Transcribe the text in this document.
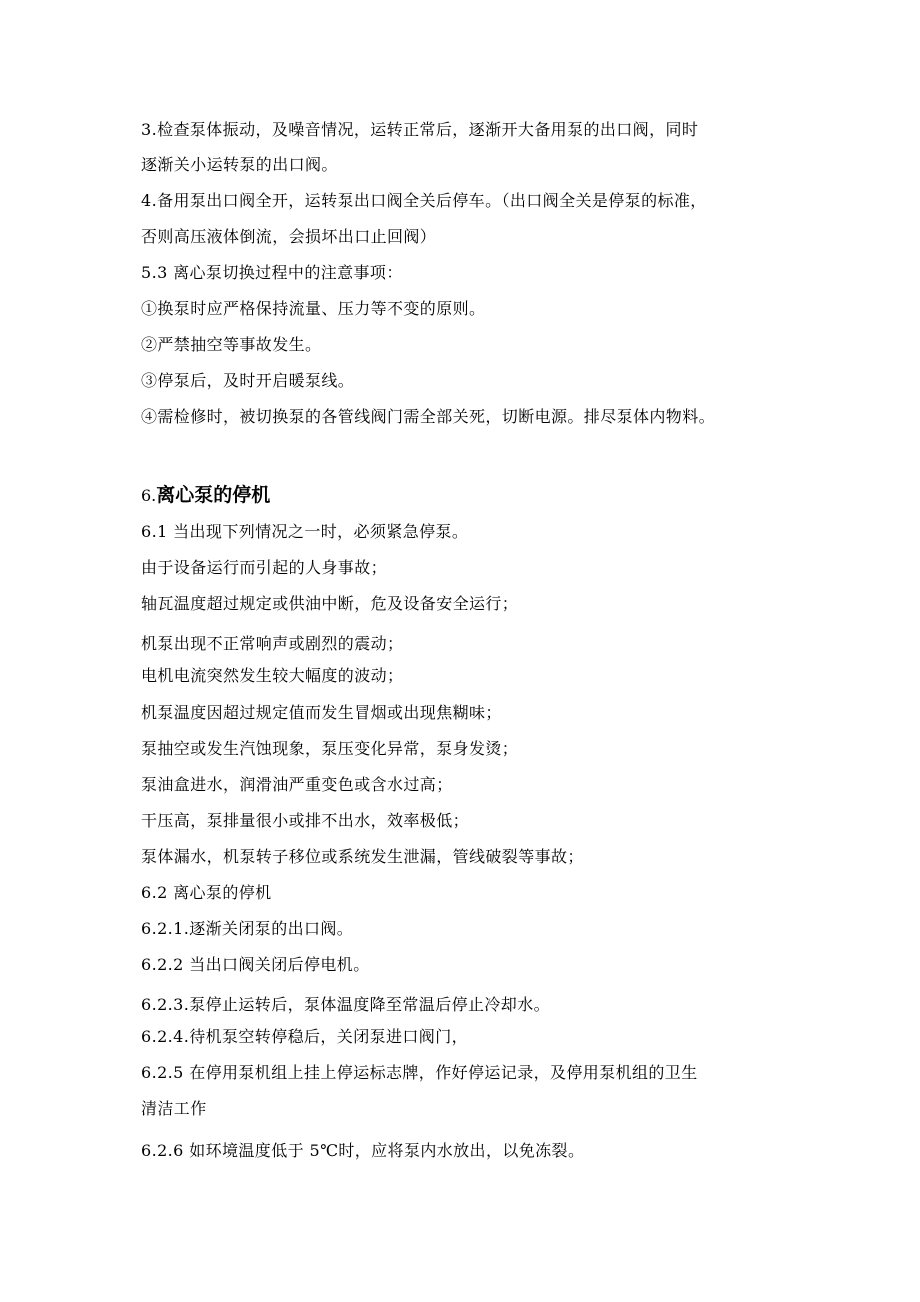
3.检查泵体振动，及噪音情况，运转正常后，逐渐开大备用泵的出口阀，同时
逐渐关小运转泵的出口阀。
4.备用泵出口阀全开，运转泵出口阀全关后停车。（出口阀全关是停泵的标准，
否则高压液体倒流，会损坏出口止回阀）
5.3 离心泵切换过程中的注意事项：
①换泵时应严格保持流量、压力等不变的原则。
②严禁抽空等事故发生。
③停泵后，及时开启暖泵线。
④需检修时，被切换泵的各管线阀门需全部关死，切断电源。排尽泵体内物料。
6.离心泵的停机
6.1 当出现下列情况之一时，必须紧急停泵。
由于设备运行而引起的人身事故；
轴瓦温度超过规定或供油中断，危及设备安全运行；
机泵出现不正常响声或剧烈的震动；
电机电流突然发生较大幅度的波动；
机泵温度因超过规定值而发生冒烟或出现焦糊味；
泵抽空或发生汽蚀现象，泵压变化异常，泵身发烫；
泵油盒进水，润滑油严重变色或含水过高；
干压高，泵排量很小或排不出水，效率极低；
泵体漏水，机泵转子移位或系统发生泄漏，管线破裂等事故；
6.2 离心泵的停机
6.2.1.逐渐关闭泵的出口阀。
6.2.2 当出口阀关闭后停电机。
6.2.3.泵停止运转后，泵体温度降至常温后停止冷却水。
6.2.4.待机泵空转停稳后，关闭泵进口阀门，
6.2.5 在停用泵机组上挂上停运标志牌，作好停运记录，及停用泵机组的卫生
清洁工作
6.2.6 如环境温度低于 5℃时，应将泵内水放出，以免冻裂。
